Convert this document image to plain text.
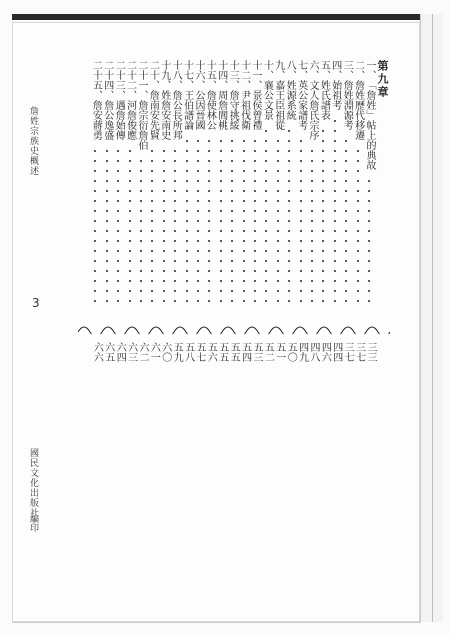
詹姓宗族史概述
3
國民文化出版社
編印
第九章
一、
「詹姓」帖上的典故
二、
詹姓歷代移遷
三、
詹姓淵源考
四、
始祖考
五、
姓氏譜表
六、
文人詹氏宗序
七、
英公家譜考
八、
姓源系統
九、
嘉王臣祖從
十、
襄公文景
十一、
景侯曾禮
十二、
尹祖伐衛
十三、
詹守挑綏
十四、
周詹閭桃
十五、
詹使林公
十六、
公因晉國
十七、
王伯譜論
十八、
詹公長所邦
十九、
姓詹安南史
二十、
詹南安先賢
二十一、
詹宗衍詹伯
二十二、
河詹俊應
二十三、
遇詹始傳
二十四、
詹公逸盛
二十五、
詹安蔣勇
三三
三七
三七
四四
四六
四八
四九
五〇
五一
五二
五三
五四
五五
五五
五六
五七
五八
五九
六〇
六一
六二
六三
六四
六五
六六
